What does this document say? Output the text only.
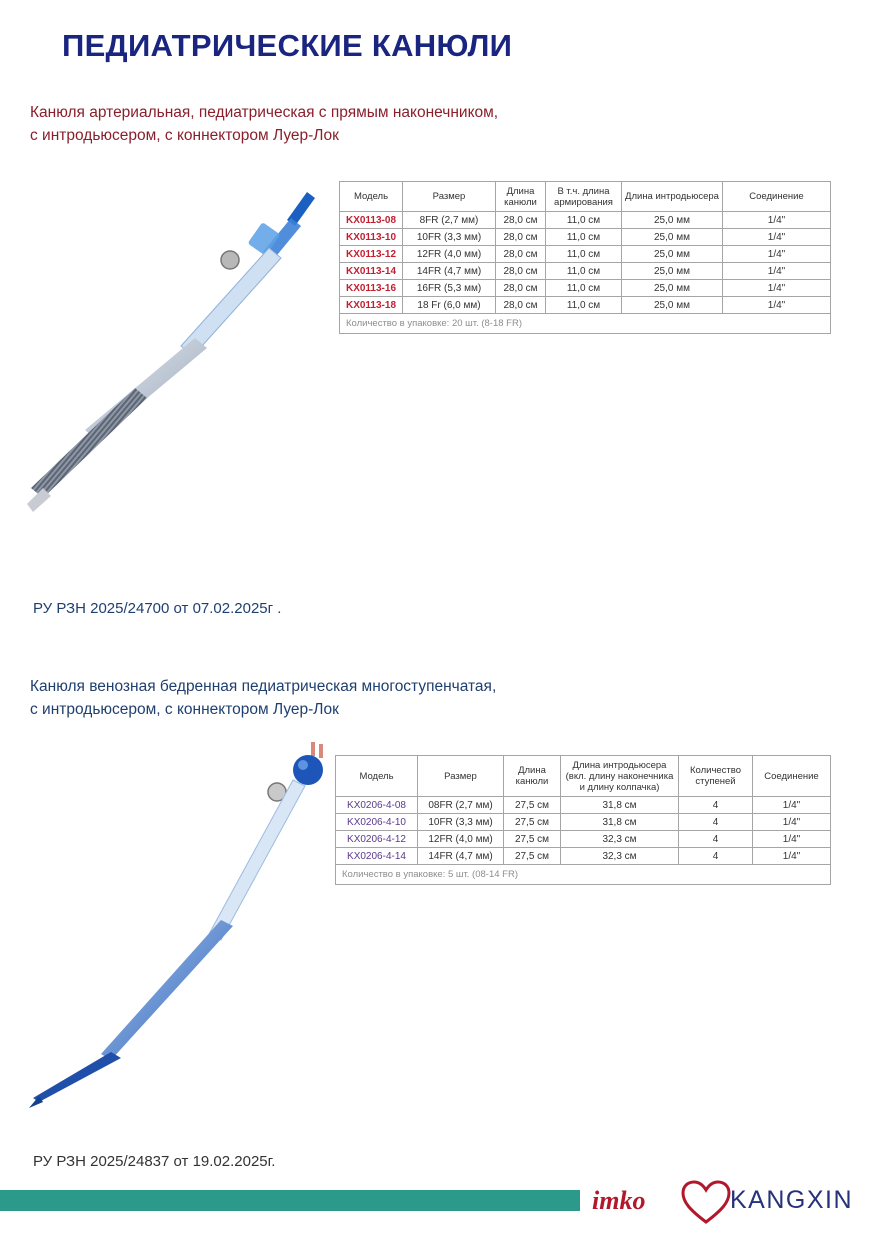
ПЕДИАТРИЧЕСКИЕ КАНЮЛИ
Канюля артериальная, педиатрическая с прямым наконечником,
с интродьюсером, с коннектором Луер-Лок
Модель	Размер	Длина канюли	В т.ч. длина армирования	Длина интродьюсера	Соединение
KX0113-08	8FR (2,7 мм)	28,0 см	11,0 см	25,0 мм	1/4"
KX0113-10	10FR (3,3 мм)	28,0 см	11,0 см	25,0 мм	1/4"
KX0113-12	12FR (4,0 мм)	28,0 см	11,0 см	25,0 мм	1/4"
KX0113-14	14FR (4,7 мм)	28,0 см	11,0 см	25,0 мм	1/4"
KX0113-16	16FR (5,3 мм)	28,0 см	11,0 см	25,0 мм	1/4"
KX0113-18	18 Fr (6,0 мм)	28,0 см	11,0 см	25,0 мм	1/4"
Количество в упаковке: 20 шт. (8-18 FR)					
РУ РЗН 2025/24700 от 07.02.2025г .
Канюля венозная бедренная педиатрическая многоступенчатая,
с интродьюсером, с коннектором Луер-Лок
Модель	Размер	Длина канюли	Длина интродьюсера (вкл. длину наконечника и длину колпачка)	Количество ступеней	Соединение
KX0206-4-08	08FR (2,7 мм)	27,5 см	31,8 см	4	1/4"
KX0206-4-10	10FR (3,3 мм)	27,5 см	31,8 см	4	1/4"
KX0206-4-12	12FR (4,0 мм)	27,5 см	32,3 см	4	1/4"
KX0206-4-14	14FR (4,7 мм)	27,5 см	32,3 см	4	1/4"
Количество в упаковке: 5 шт. (08-14 FR)					
РУ РЗН 2025/24837 от 19.02.2025г.
imko	KANGXIN
